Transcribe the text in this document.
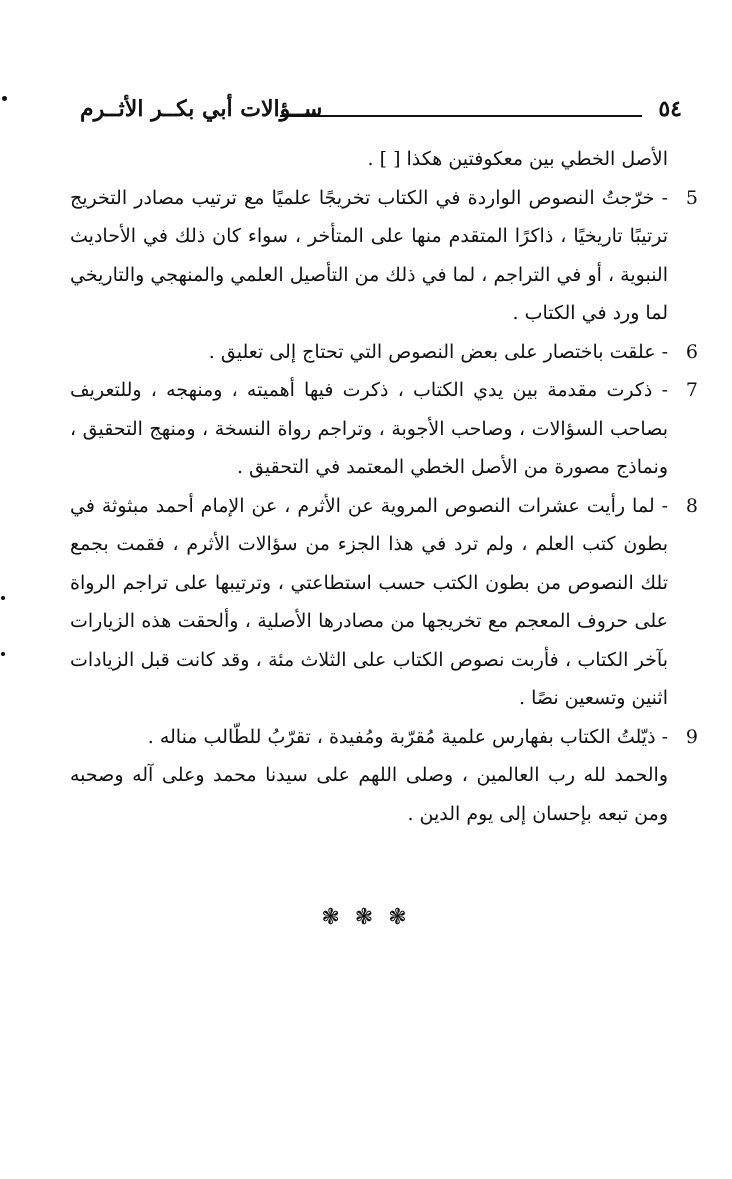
٥٤
ســؤالات أبي بكــر الأثــرم

الأصل الخطي بين معكوفتين هكذا [ ] .

5
- خرّجتُ النصوص الواردة في الكتاب تخريجًا علميًا مع ترتيب مصادر التخريج ترتيبًا تاريخيًا ، ذاكرًا المتقدم منها على المتأخر ، سواء كان ذلك في الأحاديث النبوية ، أو في التراجم ، لما في ذلك من التأصيل العلمي والمنهجي والتاريخي لما ورد في الكتاب .
6
- علقت باختصار على بعض النصوص التي تحتاج إلى تعليق .
7
- ذكرت مقدمة بين يدي الكتاب ، ذكرت فيها أهميته ، ومنهجه ، وللتعريف بصاحب السؤالات ، وصاحب الأجوبة ، وتراجم رواة النسخة ، ومنهج التحقيق ، ونماذج مصورة من الأصل الخطي المعتمد في التحقيق .
8
- لما رأيت عشرات النصوص المروية عن الأثرم ، عن الإمام أحمد مبثوثة في بطون كتب العلم ، ولم ترد في هذا الجزء من سؤالات الأثرم ، فقمت بجمع تلك النصوص من بطون الكتب حسب استطاعتي ، وترتيبها على تراجم الرواة على حروف المعجم مع تخريجها من مصادرها الأصلية ، وألحقت هذه الزيارات بآخر الكتاب ، فأربت نصوص الكتاب على الثلاث مئة ، وقد كانت قبل الزيادات اثنين وتسعين نصًا .
9
- ذيّلتُ الكتاب بفهارس علمية مُقرّبة ومُفيدة ، تقرّبُ للطّالب مناله .

والحمد لله رب العالمين ، وصلى اللهم على سيدنا محمد وعلى آله وصحبه ومن تبعه بإحسان إلى يوم الدين .

❃ ❃ ❃
